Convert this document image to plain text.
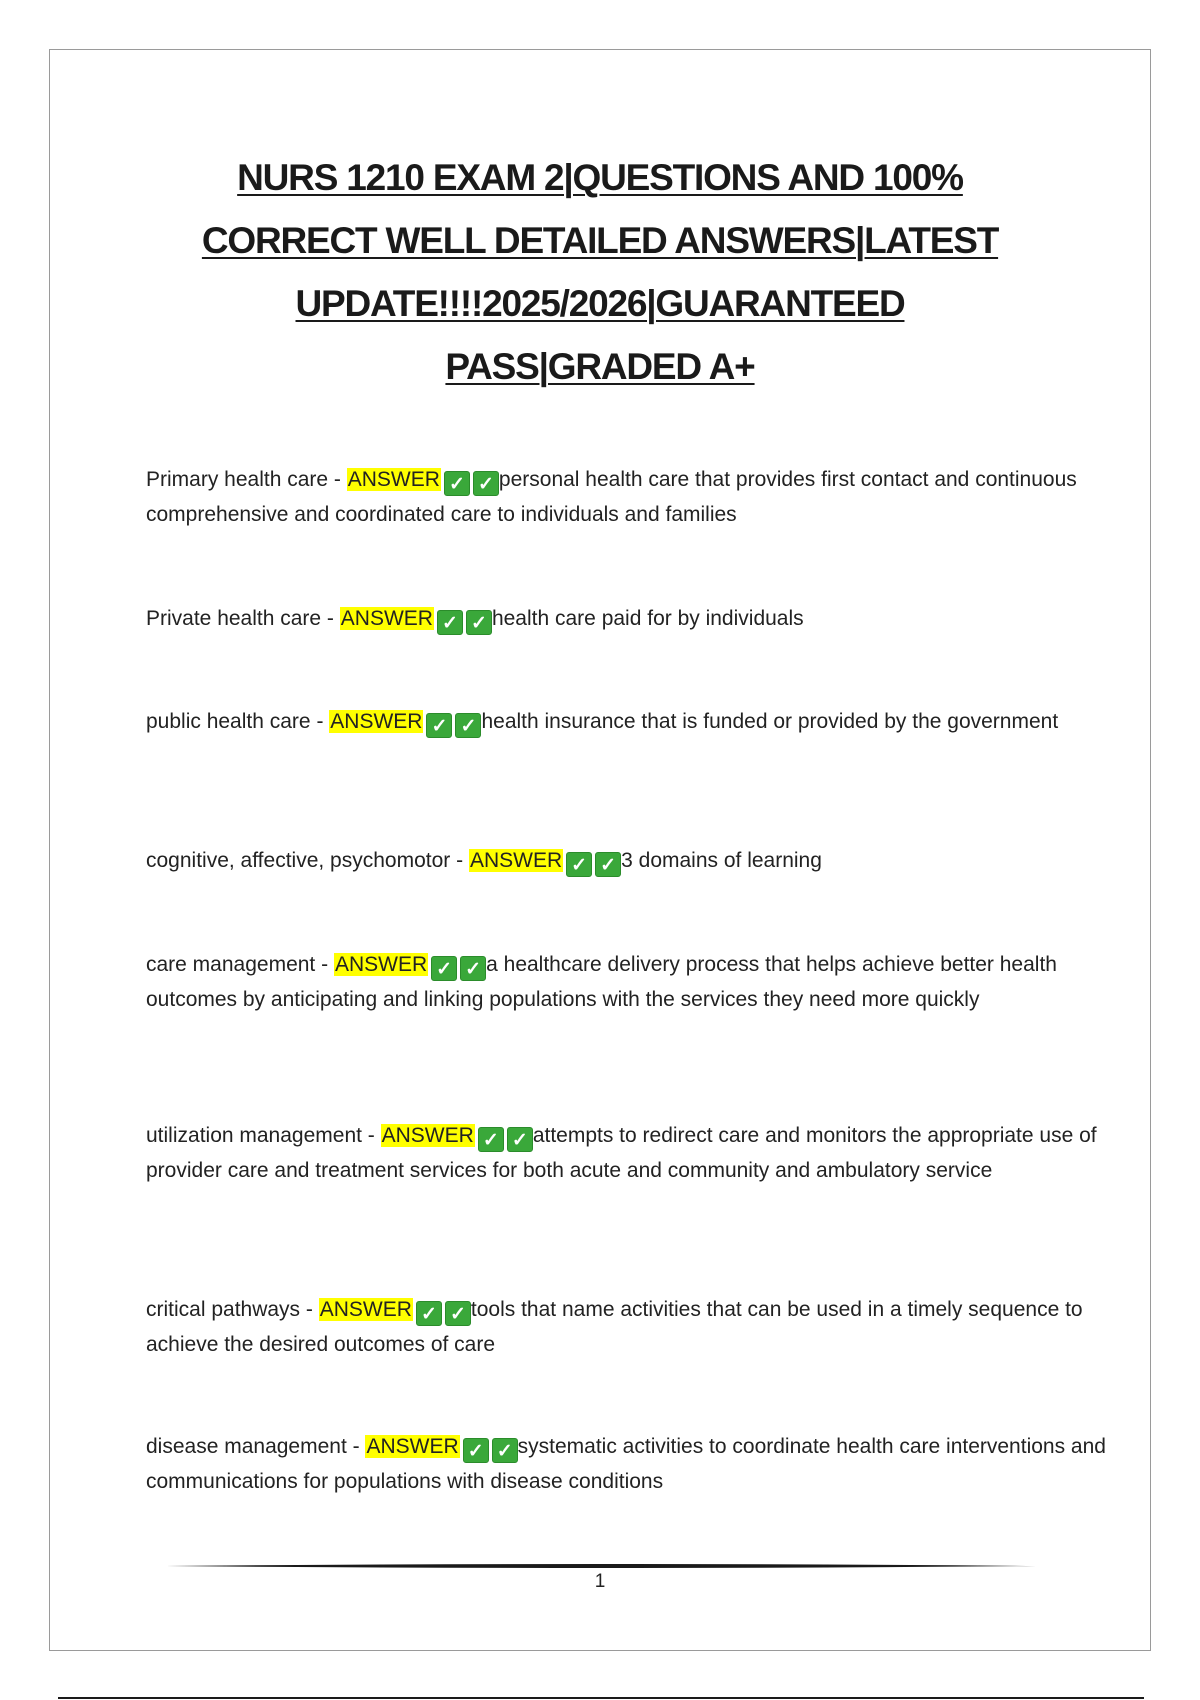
NURS 1210 EXAM 2|QUESTIONS AND 100%
CORRECT WELL DETAILED ANSWERS|LATEST
UPDATE!!!!2025/2026|GUARANTEED
PASS|GRADED A+
Primary health care - ANSWER ✓ ✓ personal health care that provides first contact and continuous comprehensive and coordinated care to individuals and families
Private health care - ANSWER ✓ ✓ health care paid for by individuals
public health care - ANSWER ✓ ✓ health insurance that is funded or provided by the government
cognitive, affective, psychomotor - ANSWER ✓ ✓ 3 domains of learning
care management - ANSWER ✓ ✓ a healthcare delivery process that helps achieve better health outcomes by anticipating and linking populations with the services they need more quickly
utilization management - ANSWER ✓ ✓ attempts to redirect care and monitors the appropriate use of provider care and treatment services for both acute and community and ambulatory service
critical pathways - ANSWER ✓ ✓ tools that name activities that can be used in a timely sequence to achieve the desired outcomes of care
disease management - ANSWER ✓ ✓ systematic activities to coordinate health care interventions and communications for populations with disease conditions
1
